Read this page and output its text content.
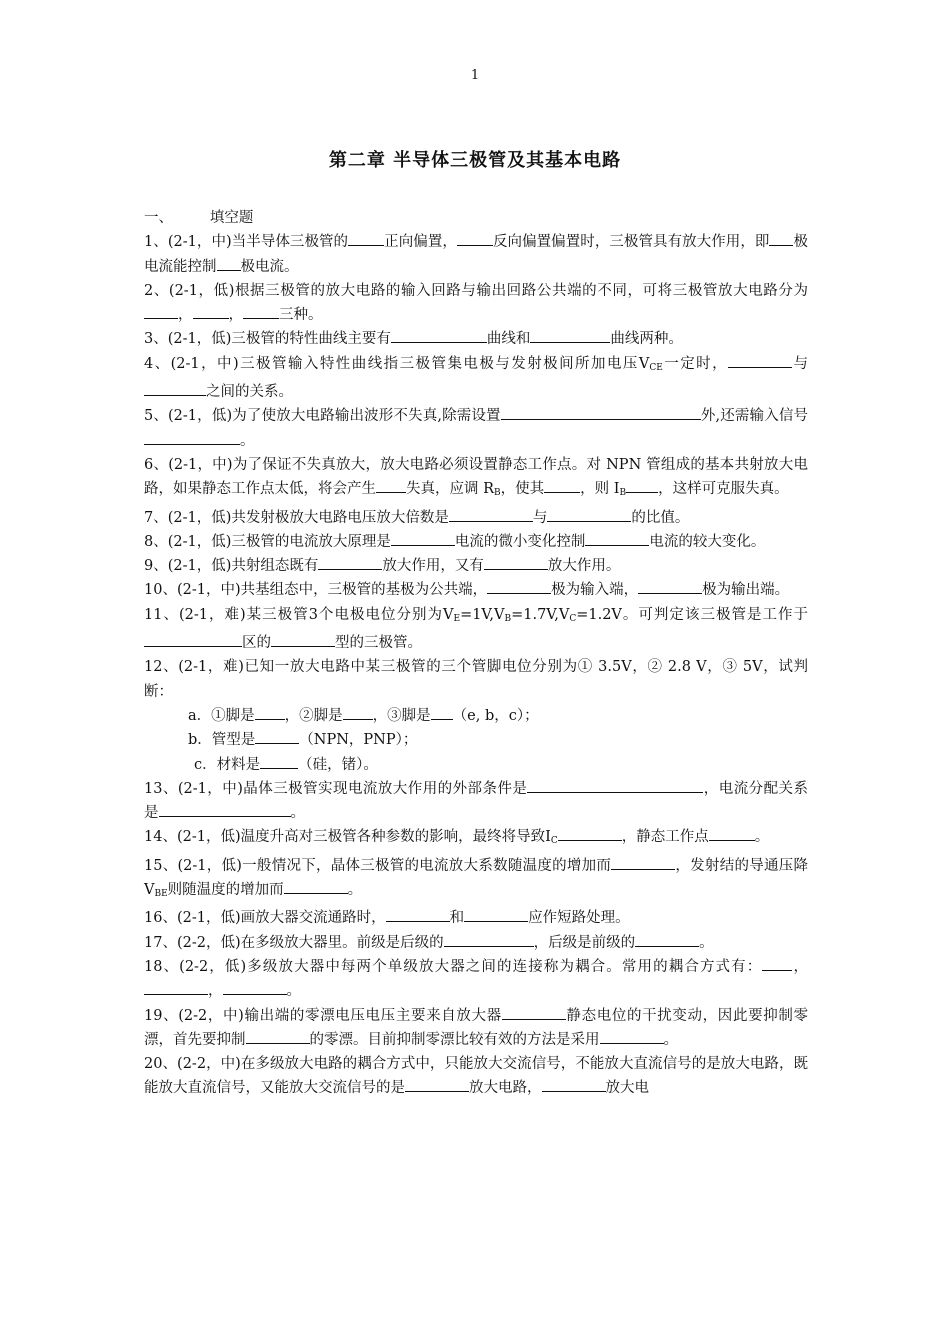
1
第二章 半导体三极管及其基本电路

一、        填空题

1、(2-1，中)当半导体三极管的 正向偏置， 反向偏置偏置时，三极管具有放大作用，即 极电流能控制 极电流。

2、(2-1，低)根据三极管的放大电路的输入回路与输出回路公共端的不同，可将三极管放大电路分为， ， 三种。

3、(2-1，低)三极管的特性曲线主要有	曲线和	曲线两种。

4、(2-1，中)三极管输入特性曲线指三极管集电极与发射极间所加电压$V_{CE}$一定时，	与之间的关系。

5、(2-1，低)为了使放大电路输出波形不失真,除需设置	外,还需输入信号。

6、(2-1，中)为了保证不失真放大，放大电路必须设置静态工作点。对 NPN 管组成的基本共射放大电路，如果静态工作点太低，将会产生 失真，应调 $R_B$，使其 ，则 $I_B$ ，这样可克服失真。

7、(2-1，低)共发射极放大电路电压放大倍数是	与	的比值。

8、(2-1，低)三极管的电流放大原理是	电流的微小变化控制	电流的较大变化。

9、(2-1，低)共射组态既有	放大作用，又有	放大作用。

10、(2-1，中)共基组态中，三极管的基极为公共端，	极为输入端，	极为输出端。

11、(2-1，难)某三极管3个电极电位分别为$V_E=1V,V_B=1.7V,V_C=1.2V$。可判定该三极管是工作于区的	型的三极管。

12、(2-1，难)已知一放大电路中某三极管的三个管脚电位分别为① 3.5V，② 2.8 V，③ 5V，试判断：

a．①脚是 ，②脚是 ，③脚是 （e, b，c）；

b．管型是	（NPN，PNP）；

c．材料是	（硅，锗）。

13、(2-1，中)晶体三极管实现电流放大作用的外部条件是	，电流分配关系是	。

14、(2-1，低)温度升高对三极管各种参数的影响，最终将导致$I_C$	，静态工作点	。

15、(2-1，低)一般情况下，晶体三极管的电流放大系数随温度的增加而	，发射结的导通压降$V_{BE}$则随温度的增加而	。

16、(2-1，低)画放大器交流通路时，	和	应作短路处理。

17、(2-2，低)在多级放大器里。前级是后级的	，后级是前级的	。

18、(2-2，低)多级放大器中每两个单级放大器之间的连接称为耦合。常用的耦合方式有： ，，	。

19、(2-2，中)输出端的零漂电压电压主要来自放大器	静态电位的干扰变动，因此要抑制零漂，首先要抑制	的零漂。目前抑制零漂比较有效的方法是采用	。

20、(2-2，中)在多级放大电路的耦合方式中，只能放大交流信号，不能放大直流信号的是放大电路，既能放大直流信号，又能放大交流信号的是	放大电路，	放大电
